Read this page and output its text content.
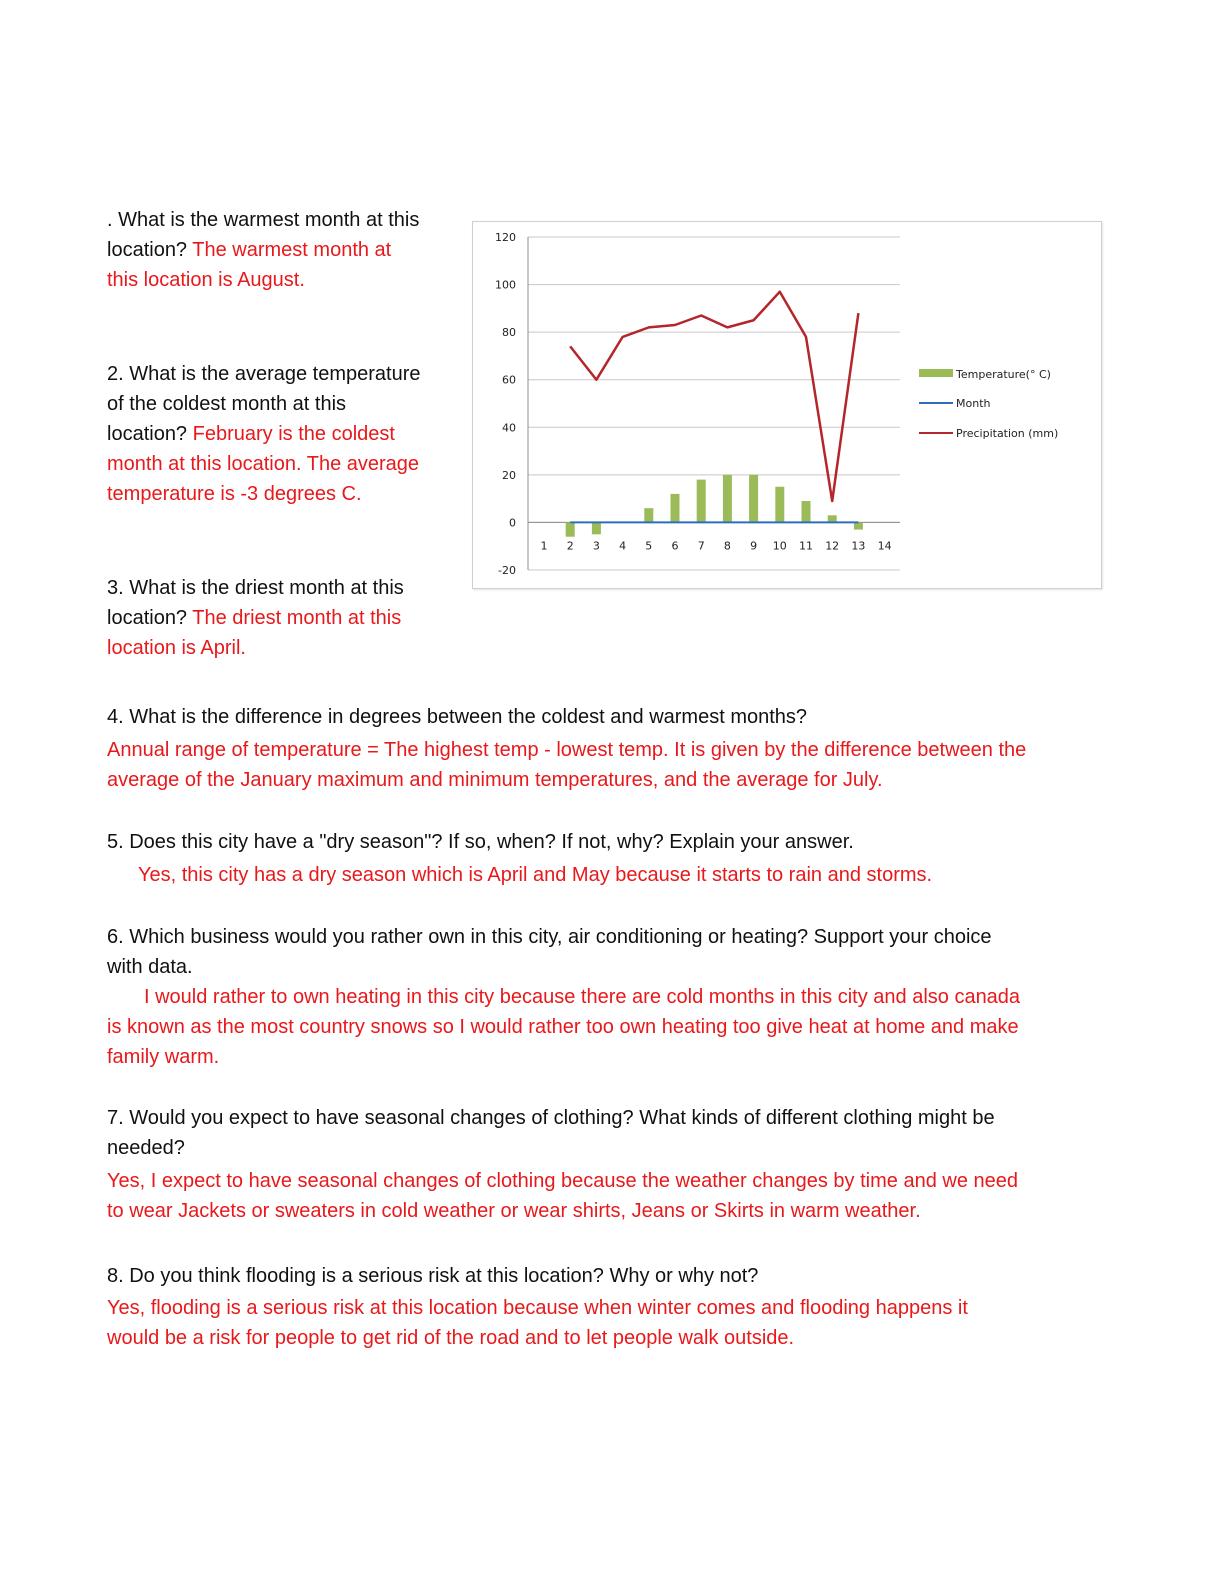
. What is the warmest month at this location? The warmest month at
this location is August.

2. What is the average temperature
of the coldest month at this
location? February is the coldest
month at this location. The average
temperature is -3 degrees C.

3. What is the driest month at this
location? The driest month at this
location is April.

-20
0
20
40
60
80
100
120
1 2 3 4 5 6 7 8 9 10 11 12 13 14
Temperature(° C)
Month
Precipitation (mm)

4. What is the difference in degrees between the coldest and warmest months?

Annual range of temperature = The highest temp - lowest temp. It is given by the difference between the
average of the January maximum and minimum temperatures, and the average for July.

5. Does this city have a "dry season"? If so, when? If not, why? Explain your answer.

Yes, this city has a dry season which is April and May because it starts to rain and storms.

6. Which business would you rather own in this city, air conditioning or heating? Support your choice
with data.
I would rather to own heating in this city because there are cold months in this city and also canada
is known as the most country snows so I would rather too own heating too give heat at home and make
family warm.

7. Would you expect to have seasonal changes of clothing? What kinds of different clothing might be
needed?

Yes, I expect to have seasonal changes of clothing because the weather changes by time and we need
to wear Jackets or sweaters in cold weather or wear shirts, Jeans or Skirts in warm weather.

8. Do you think flooding is a serious risk at this location? Why or why not?

Yes, flooding is a serious risk at this location because when winter comes and flooding happens it
would be a risk for people to get rid of the road and to let people walk outside.
